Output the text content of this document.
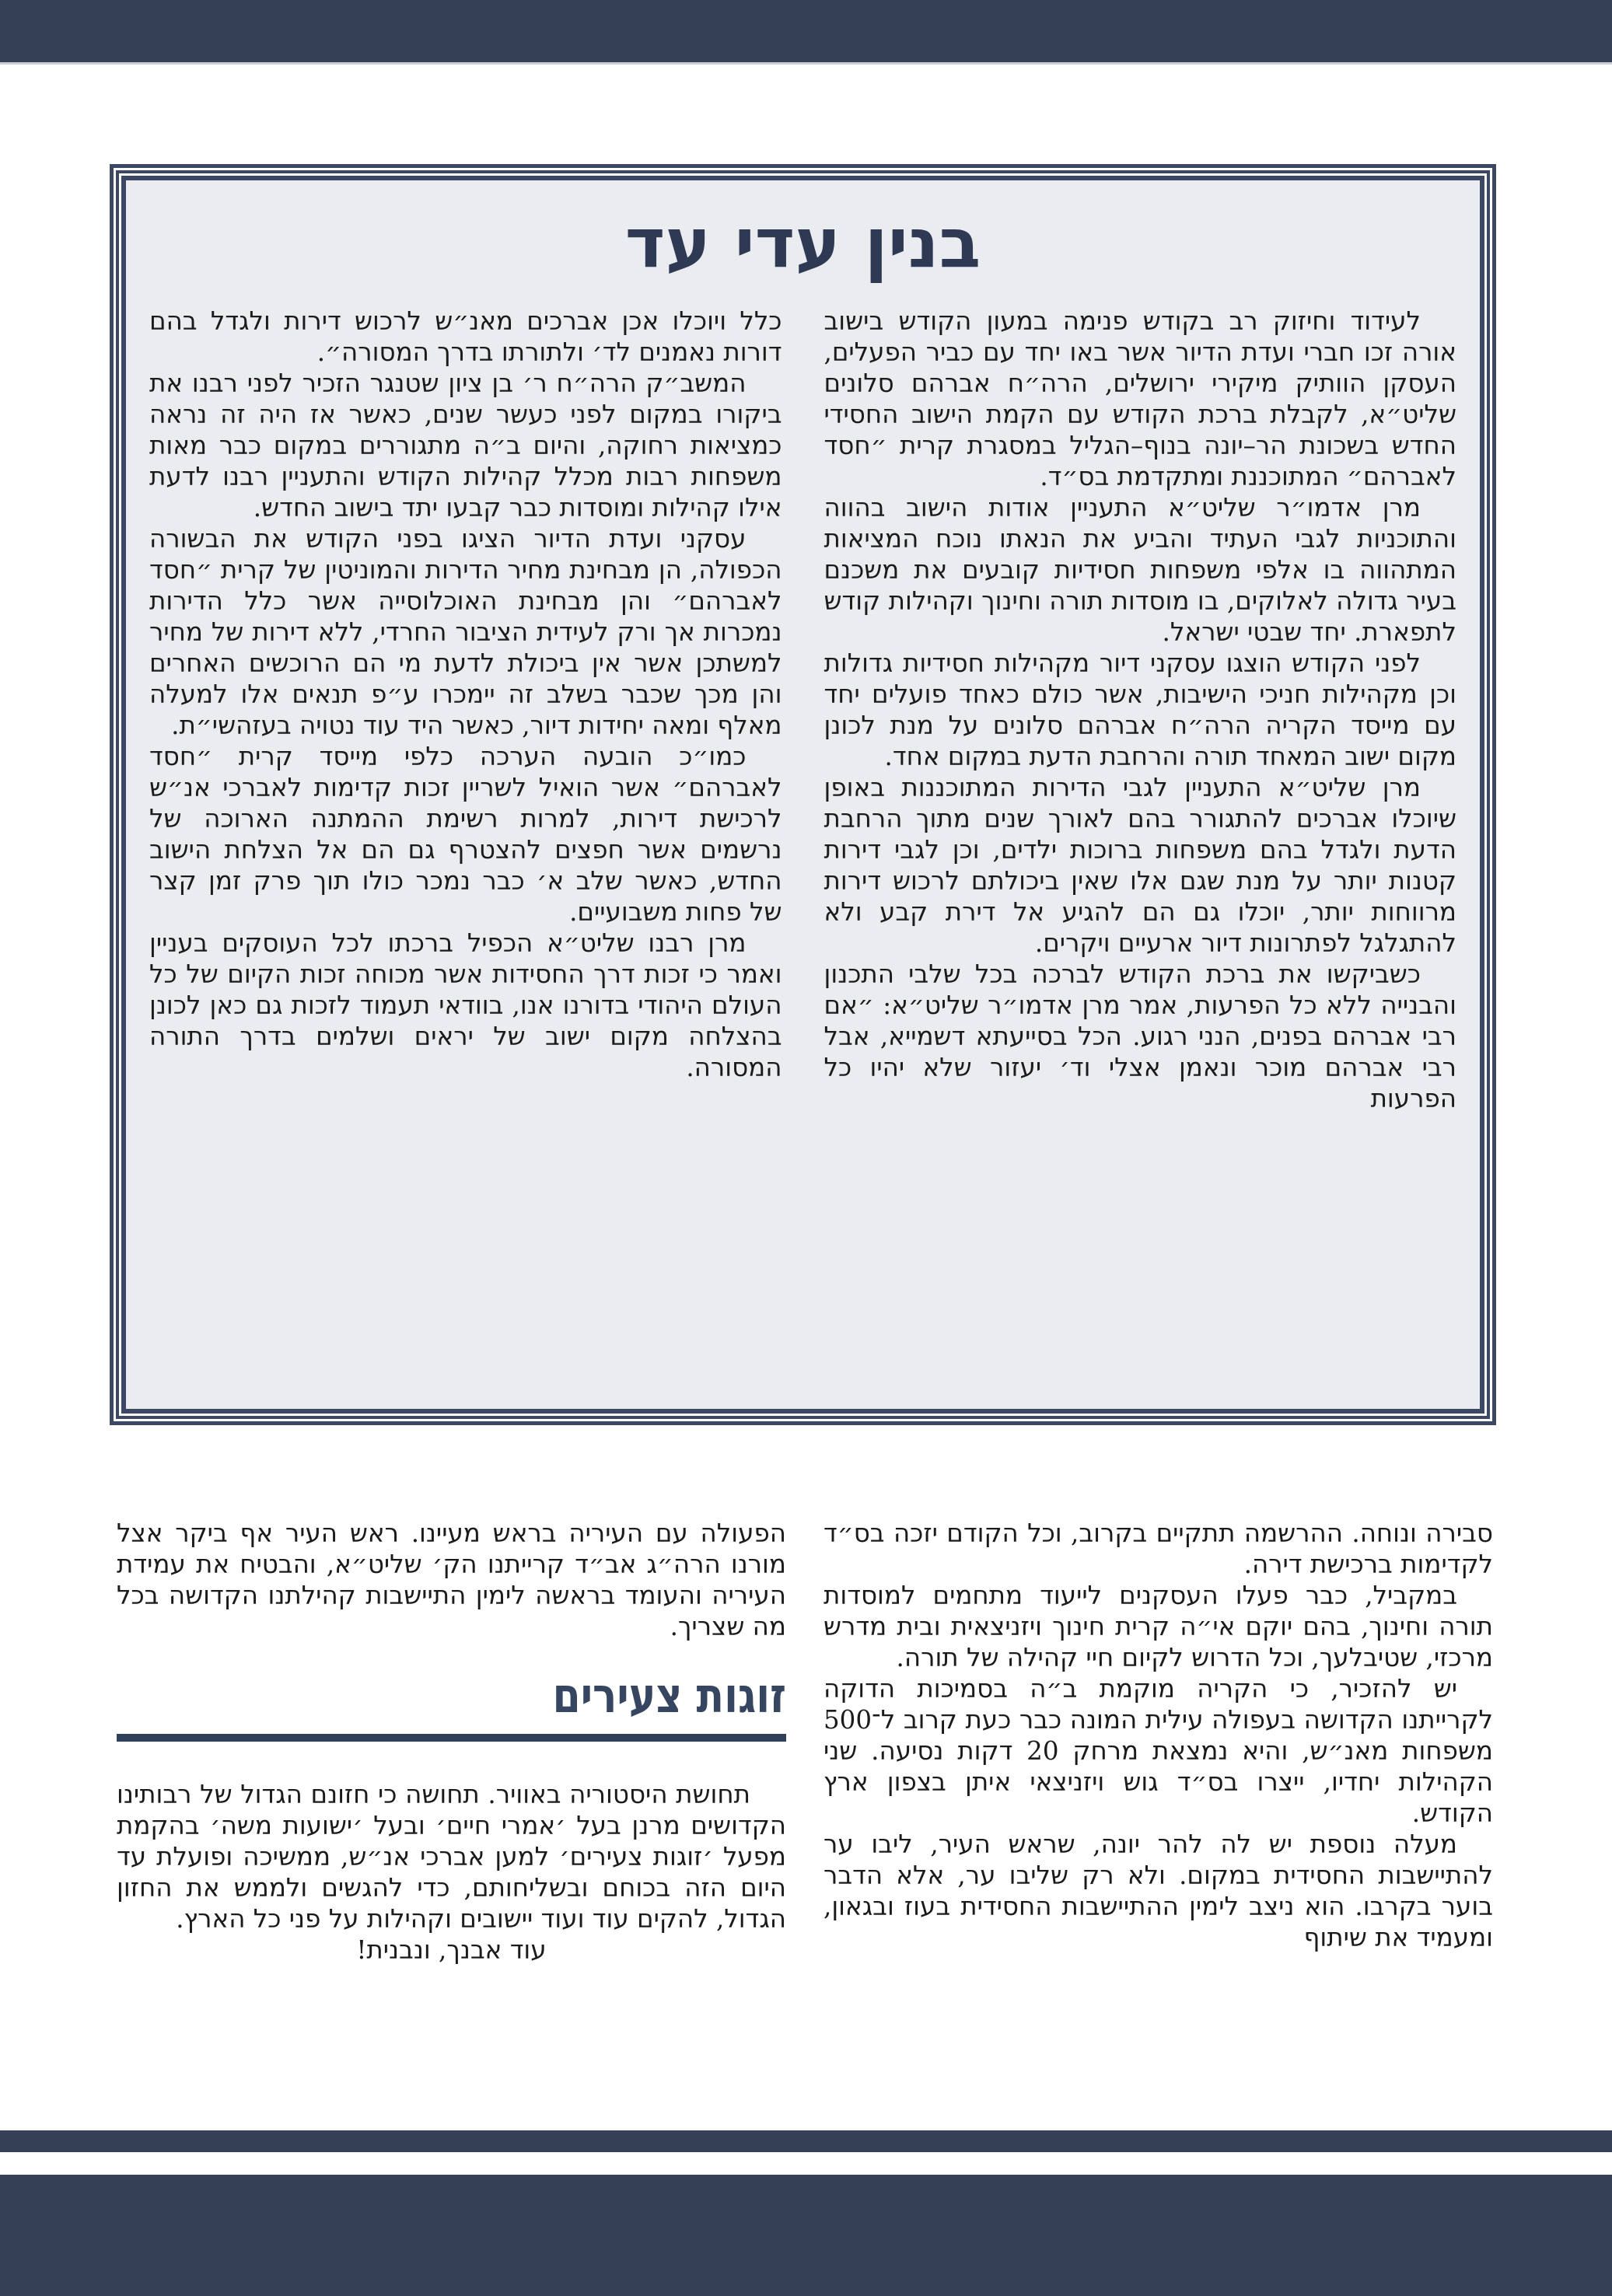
בנין עדי עד

לעידוד וחיזוק רב בקודש פנימה במעון הקודש בישוב אורה זכו חברי ועדת הדיור אשר באו יחד עם כביר הפעלים, העסקן הוותיק מיקירי ירושלים, הרה״ח אברהם סלונים שליט״א, לקבלת ברכת הקודש עם הקמת הישוב החסידי החדש בשכונת הר–יונה בנוף–הגליל במסגרת קרית ״חסד לאברהם״ המתוכננת ומתקדמת בס״ד.

מרן אדמו״ר שליט״א התעניין אודות הישוב בהווה והתוכניות לגבי העתיד והביע את הנאתו נוכח המציאות המתהווה בו אלפי משפחות חסידיות קובעים את משכנם בעיר גדולה לאלוקים, בו מוסדות תורה וחינוך וקהילות קודש לתפארת. יחד שבטי ישראל.

לפני הקודש הוצגו עסקני דיור מקהילות חסידיות גדולות וכן מקהילות חניכי הישיבות, אשר כולם כאחד פועלים יחד עם מייסד הקריה הרה״ח אברהם סלונים על מנת לכונן מקום ישוב המאחד תורה והרחבת הדעת במקום אחד.

מרן שליט״א התעניין לגבי הדירות המתוכננות באופן שיוכלו אברכים להתגורר בהם לאורך שנים מתוך הרחבת הדעת ולגדל בהם משפחות ברוכות ילדים, וכן לגבי דירות קטנות יותר על מנת שגם אלו שאין ביכולתם לרכוש דירות מרווחות יותר, יוכלו גם הם להגיע אל דירת קבע ולא להתגלגל לפתרונות דיור ארעיים ויקרים.

כשביקשו את ברכת הקודש לברכה בכל שלבי התכנון והבנייה ללא כל הפרעות, אמר מרן אדמו״ר שליט״א: ״אם רבי אברהם בפנים, הנני רגוע. הכל בסייעתא דשמייא, אבל רבי אברהם מוכר ונאמן אצלי וד׳ יעזור שלא יהיו כל הפרעות

כלל ויוכלו אכן אברכים מאנ״ש לרכוש דירות ולגדל בהם דורות נאמנים לד׳ ולתורתו בדרך המסורה״.

המשב״ק הרה״ח ר׳ בן ציון שטנגר הזכיר לפני רבנו את ביקורו במקום לפני כעשר שנים, כאשר אז היה זה נראה כמציאות רחוקה, והיום ב״ה מתגוררים במקום כבר מאות משפחות רבות מכלל קהילות הקודש והתעניין רבנו לדעת אילו קהילות ומוסדות כבר קבעו יתד בישוב החדש.

עסקני ועדת הדיור הציגו בפני הקודש את הבשורה הכפולה, הן מבחינת מחיר הדירות והמוניטין של קרית ״חסד לאברהם״ והן מבחינת האוכלוסייה אשר כלל הדירות נמכרות אך ורק לעידית הציבור החרדי, ללא דירות של מחיר למשתכן אשר אין ביכולת לדעת מי הם הרוכשים האחרים והן מכך שכבר בשלב זה יימכרו ע״פ תנאים אלו למעלה מאלף ומאה יחידות דיור, כאשר היד עוד נטויה בעזהשי״ת.

כמו״כ הובעה הערכה כלפי מייסד קרית ״חסד לאברהם״ אשר הואיל לשריין זכות קדימות לאברכי אנ״ש לרכישת דירות, למרות רשימת ההמתנה הארוכה של נרשמים אשר חפצים להצטרף גם הם אל הצלחת הישוב החדש, כאשר שלב א׳ כבר נמכר כולו תוך פרק זמן קצר של פחות משבועיים.

מרן רבנו שליט״א הכפיל ברכתו לכל העוסקים בעניין ואמר כי זכות דרך החסידות אשר מכוחה זכות הקיום של כל העולם היהודי בדורנו אנו, בוודאי תעמוד לזכות גם כאן לכונן בהצלחה מקום ישוב של יראים ושלמים בדרך התורה המסורה.

סבירה ונוחה. ההרשמה תתקיים בקרוב, וכל הקודם יזכה בס״ד לקדימות ברכישת דירה.

במקביל, כבר פעלו העסקנים לייעוד מתחמים למוסדות תורה וחינוך, בהם יוקם אי״ה קרית חינוך ויזניצאית ובית מדרש מרכזי, שטיבלעך, וכל הדרוש לקיום חיי קהילה של תורה.

יש להזכיר, כי הקריה מוקמת ב״ה בסמיכות הדוקה לקרייתנו הקדושה בעפולה עילית המונה כבר כעת קרוב ל־500 משפחות מאנ״ש, והיא נמצאת מרחק 20 דקות נסיעה. שני הקהילות יחדיו, ייצרו בס״ד גוש ויזניצאי איתן בצפון ארץ הקודש.

מעלה נוספת יש לה להר יונה, שראש העיר, ליבו ער להתיישבות החסידית במקום. ולא רק שליבו ער, אלא הדבר בוער בקרבו. הוא ניצב לימין ההתיישבות החסידית בעוז ובגאון, ומעמיד את שיתוף

הפעולה עם העיריה בראש מעיינו. ראש העיר אף ביקר אצל מורנו הרה״ג אב״ד קרייתנו הק׳ שליט״א, והבטיח את עמידת העיריה והעומד בראשה לימין התיישבות קהילתנו הקדושה בכל מה שצריך.

זוגות צעירים

תחושת היסטוריה באוויר. תחושה כי חזונם הגדול של רבותינו הקדושים מרנן בעל ׳אמרי חיים׳ ובעל ׳ישועות משה׳ בהקמת מפעל ׳זוגות צעירים׳ למען אברכי אנ״ש, ממשיכה ופועלת עד היום הזה בכוחם ובשליחותם, כדי להגשים ולממש את החזון הגדול, להקים עוד ועוד יישובים וקהילות על פני כל הארץ.

עוד אבנך, ונבנית!
